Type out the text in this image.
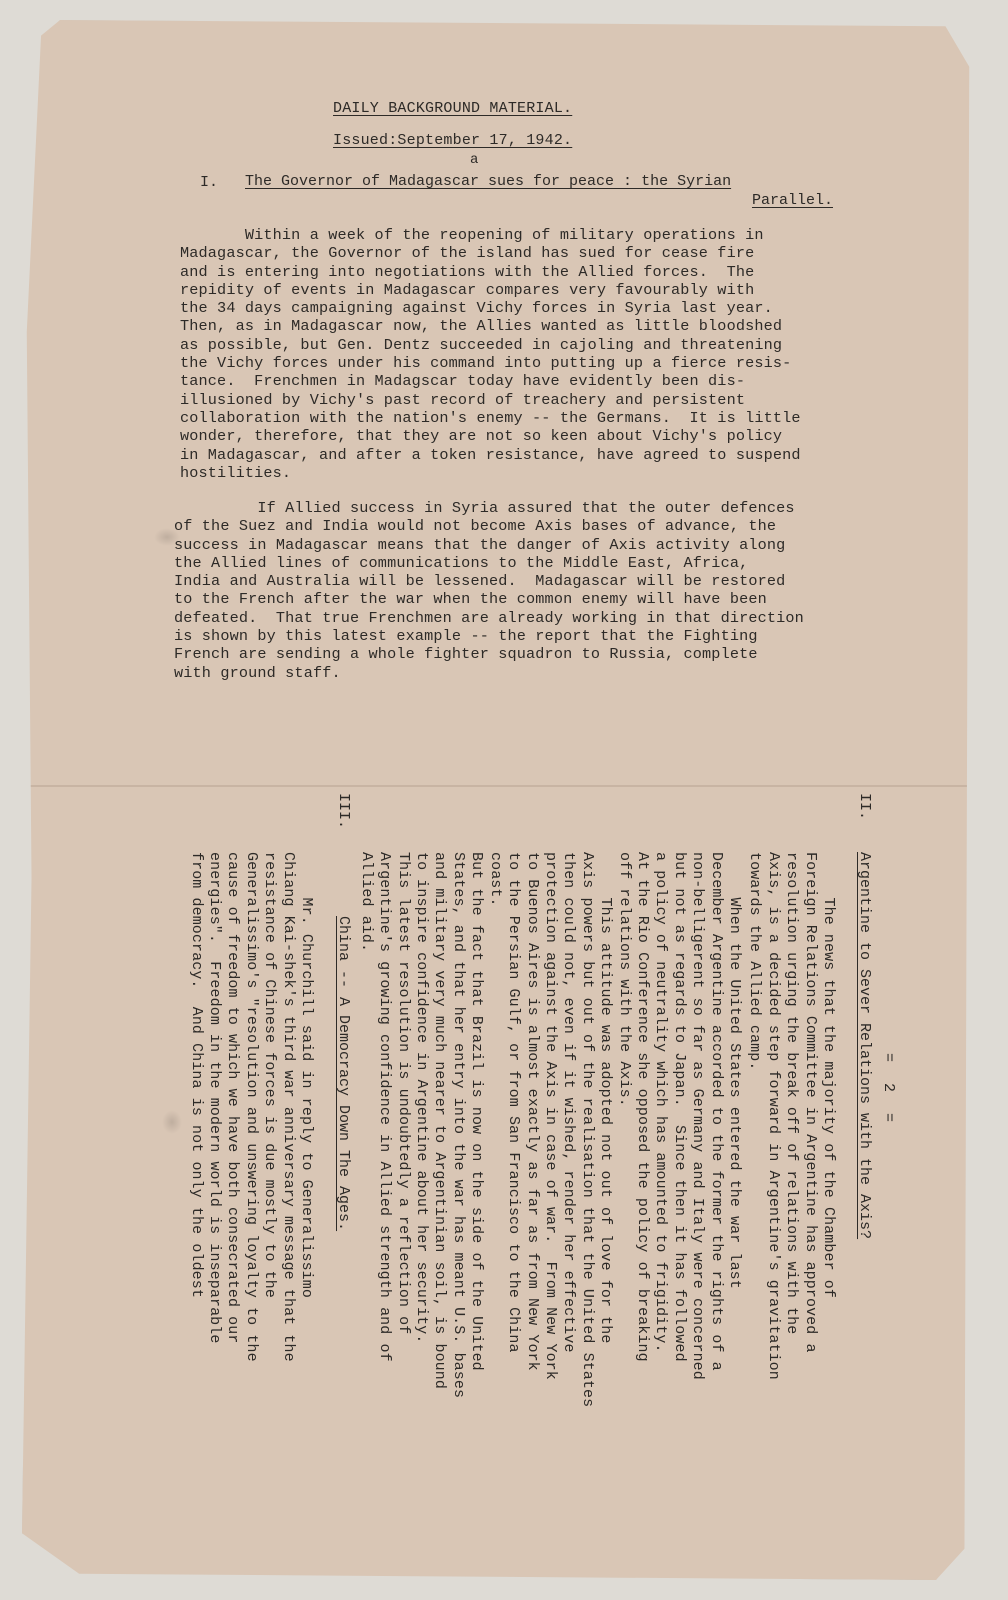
DAILY BACKGROUND MATERIAL.
Issued:September 17, 1942.
a
I. The Governor of Madagascar sues for peace : the Syrian
Parallel.
Within a week of the reopening of military operations in
Madagascar, the Governor of the island has sued for cease fire
and is entering into negotiations with the Allied forces.  The
repidity of events in Madagascar compares very favourably with
the 34 days campaigning against Vichy forces in Syria last year.
Then, as in Madagascar now, the Allies wanted as little bloodshed
as possible, but Gen. Dentz succeeded in cajoling and threatening
the Vichy forces under his command into putting up a fierce resis-
tance.  Frenchmen in Madagscar today have evidently been dis-
illusioned by Vichy's past record of treachery and persistent
collaboration with the nation's enemy -- the Germans.  It is little
wonder, therefore, that they are not so keen about Vichy's policy
in Madagascar, and after a token resistance, have agreed to suspend
hostilities.
If Allied success in Syria assured that the outer defences
of the Suez and India would not become Axis bases of advance, the
success in Madagascar means that the danger of Axis activity along
the Allied lines of communications to the Middle East, Africa,
India and Australia will be lessened.  Madagascar will be restored
to the French after the war when the common enemy will have been
defeated.  That true Frenchmen are already working in that direction
is shown by this latest example -- the report that the Fighting
French are sending a whole fighter squadron to Russia, complete
with ground staff.
= 2 =
II.
Argentine to Sever Relations with the Axis?
The news that the majority of the Chamber of
Foreign Relations Committee in Argentine has approved a
resolution urging the break off of relations with the
Axis, is a decided step forward in Argentine's gravitation
towards the Allied camp.
When the United States entered the war last
December Argentine accorded to the former the rights of a
non-belligerent so far as Germany and Italy were concerned
but not as regards to Japan.  Since then it has followed
a policy of neutrality which has amounted to frigidity.
At the Rio Conference she opposed the policy of breaking
off relations with the Axis.
This attitude was adopted not out of love for the
Axis powers but out of the realisation that the United States
then could not, even if it wished, render her effective
protection against the Axis in case of war.  From New York
to Buenos Aires is almost exactly as far as from New York
to the Persian Gulf, or from San Francisco to the China coast.
But the fact that Brazil is now on the side of the United
States, and that her entry into the war has meant U.S. bases
and military very much nearer to Argentinian soil, is bound
to inspire confidence in Argentine about her security.
This latest resolution is undoubtedly a reflection of
Argentine's growing confidence in Allied strength and of
Allied aid.
III.
China -- A Democracy Down The Ages.
Mr. Churchill said in reply to Generalissimo
Chiang Kai-shek's third war anniversary message that the
resistance of Chinese forces is due mostly to the
Generalissimo's "resolution and unswering loyalty to the
cause of freedom to which we have both consecrated our
energies".  Freedom in the modern world is inseparable
from democracy.  And China is not only the oldest
